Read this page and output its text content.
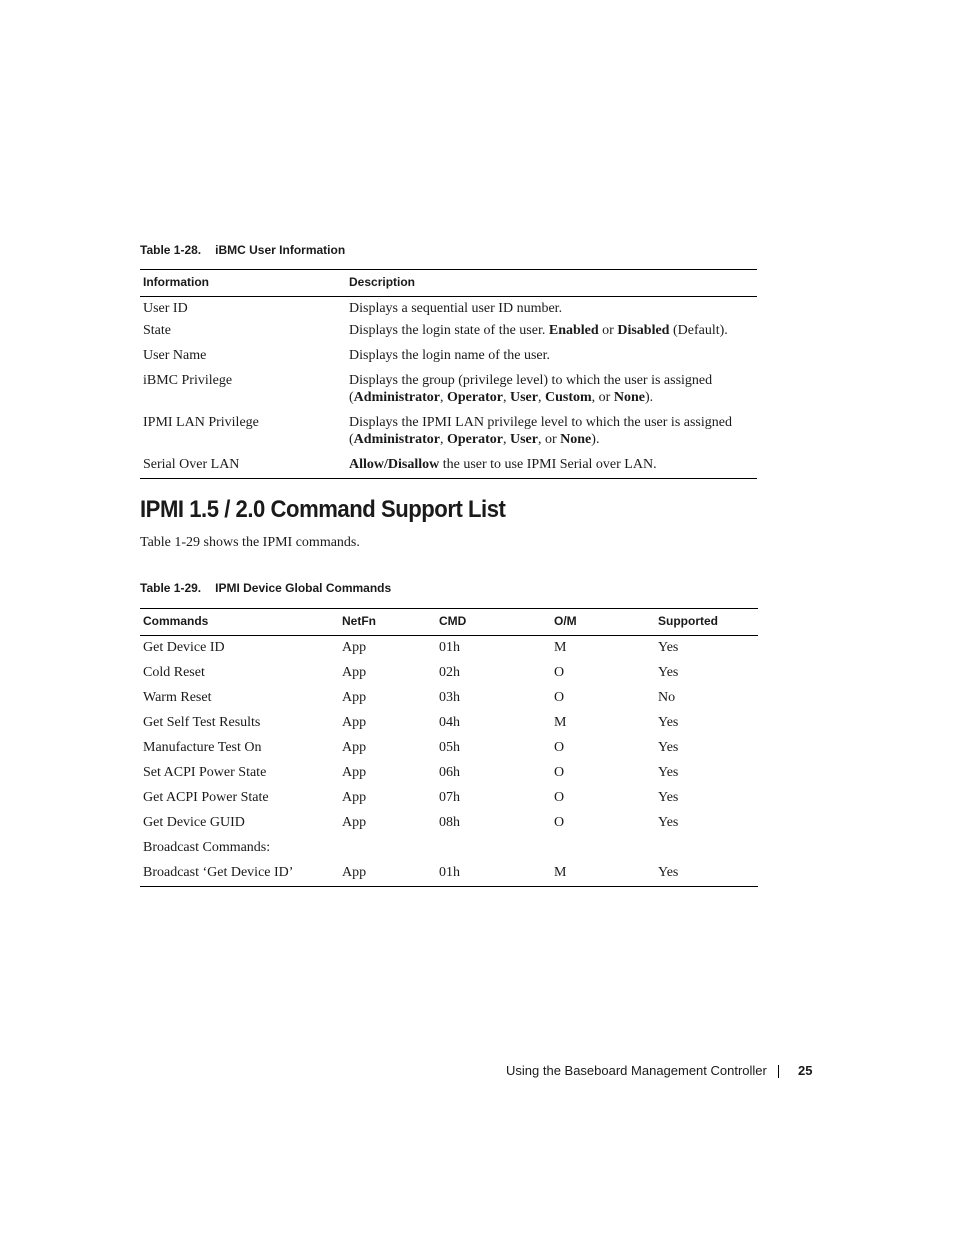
Table 1-28. iBMC User Information
Information	Description
User ID	Displays a sequential user ID number.
State	Displays the login state of the user. Enabled or Disabled (Default).
User Name	Displays the login name of the user.
iBMC Privilege	Displays the group (privilege level) to which the user is assigned
(Administrator, Operator, User, Custom, or None).
IPMI LAN Privilege	Displays the IPMI LAN privilege level to which the user is assigned
(Administrator, Operator, User, or None).
Serial Over LAN	Allow/Disallow the user to use IPMI Serial over LAN.
IPMI 1.5 / 2.0 Command Support List

Table 1-29 shows the IPMI commands.

Table 1-29. IPMI Device Global Commands
Commands	NetFn	CMD	O/M	Supported
Get Device ID	App	01h	M	Yes
Cold Reset	App	02h	O	Yes
Warm Reset	App	03h	O	No
Get Self Test Results	App	04h	M	Yes
Manufacture Test On	App	05h	O	Yes
Set ACPI Power State	App	06h	O	Yes
Get ACPI Power State	App	07h	O	Yes
Get Device GUID	App	08h	O	Yes
Broadcast Commands:				
Broadcast ‘Get Device ID’	App	01h	M	Yes
Using the Baseboard Management Controller 25
